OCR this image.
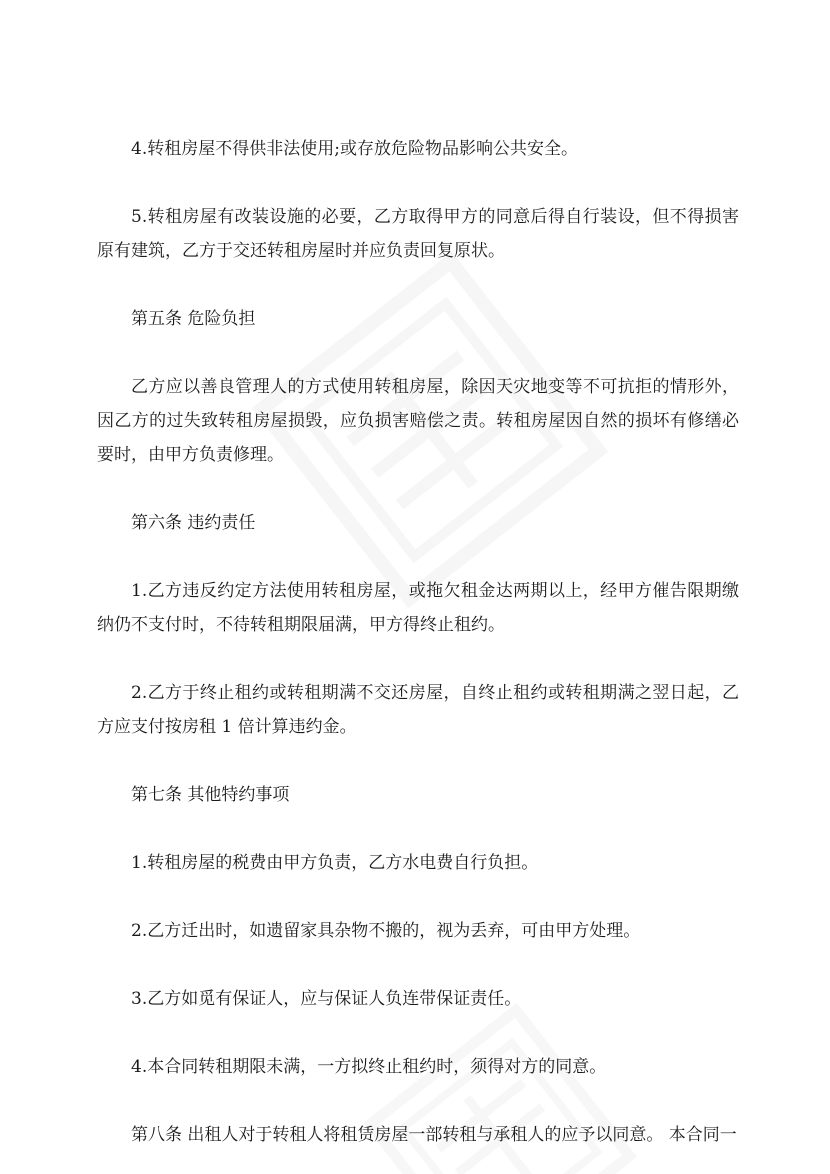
4.转租房屋不得供非法使用;或存放危险物品影响公共安全。

5.转租房屋有改装设施的必要，乙方取得甲方的同意后得自行装设，但不得损害原有建筑，乙方于交还转租房屋时并应负责回复原状。

第五条 危险负担

乙方应以善良管理人的方式使用转租房屋，除因天灾地变等不可抗拒的情形外，因乙方的过失致转租房屋损毁，应负损害赔偿之责。转租房屋因自然的损坏有修缮必要时，由甲方负责修理。

第六条 违约责任

1.乙方违反约定方法使用转租房屋，或拖欠租金达两期以上，经甲方催告限期缴纳仍不支付时，不待转租期限届满，甲方得终止租约。

2.乙方于终止租约或转租期满不交还房屋，自终止租约或转租期满之翌日起，乙方应支付按房租 1 倍计算违约金。

第七条 其他特约事项

1.转租房屋的税费由甲方负责，乙方水电费自行负担。

2.乙方迁出时，如遗留家具杂物不搬的，视为丢弃，可由甲方处理。

3.乙方如觅有保证人，应与保证人负连带保证责任。

4.本合同转租期限未满，一方拟终止租约时，须得对方的同意。

第八条 出租人对于转租人将租赁房屋一部转租与承租人的应予以同意。 本合同一
